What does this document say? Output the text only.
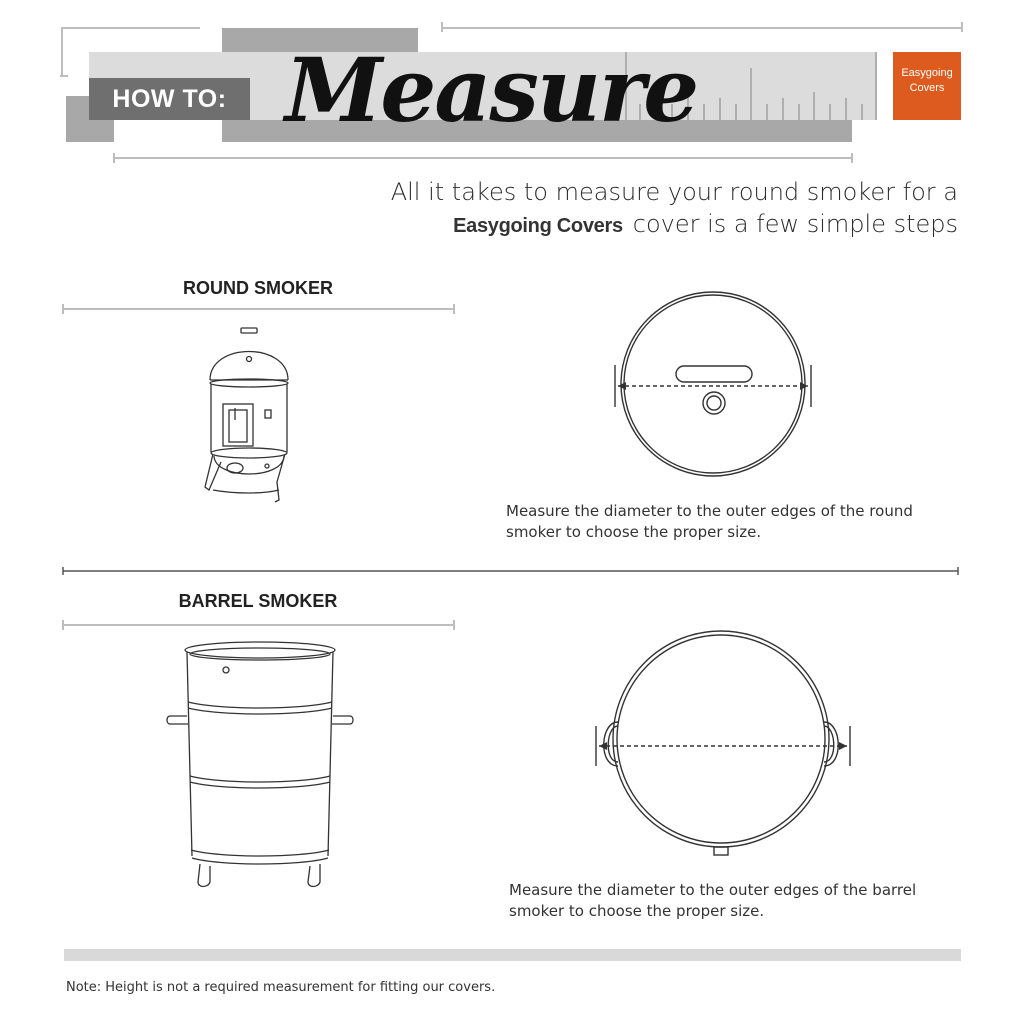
HOW TO: Measure	Easygoing
Covers
All it takes to measure your round smoker for a
Easygoing Covers cover is a few simple steps
ROUND SMOKER
Measure the diameter to the outer edges of the round smoker to choose the proper size.
BARREL SMOKER
Measure the diameter to the outer edges of the barrel smoker to choose the proper size.
Note: Height is not a required measurement for fitting our covers.
